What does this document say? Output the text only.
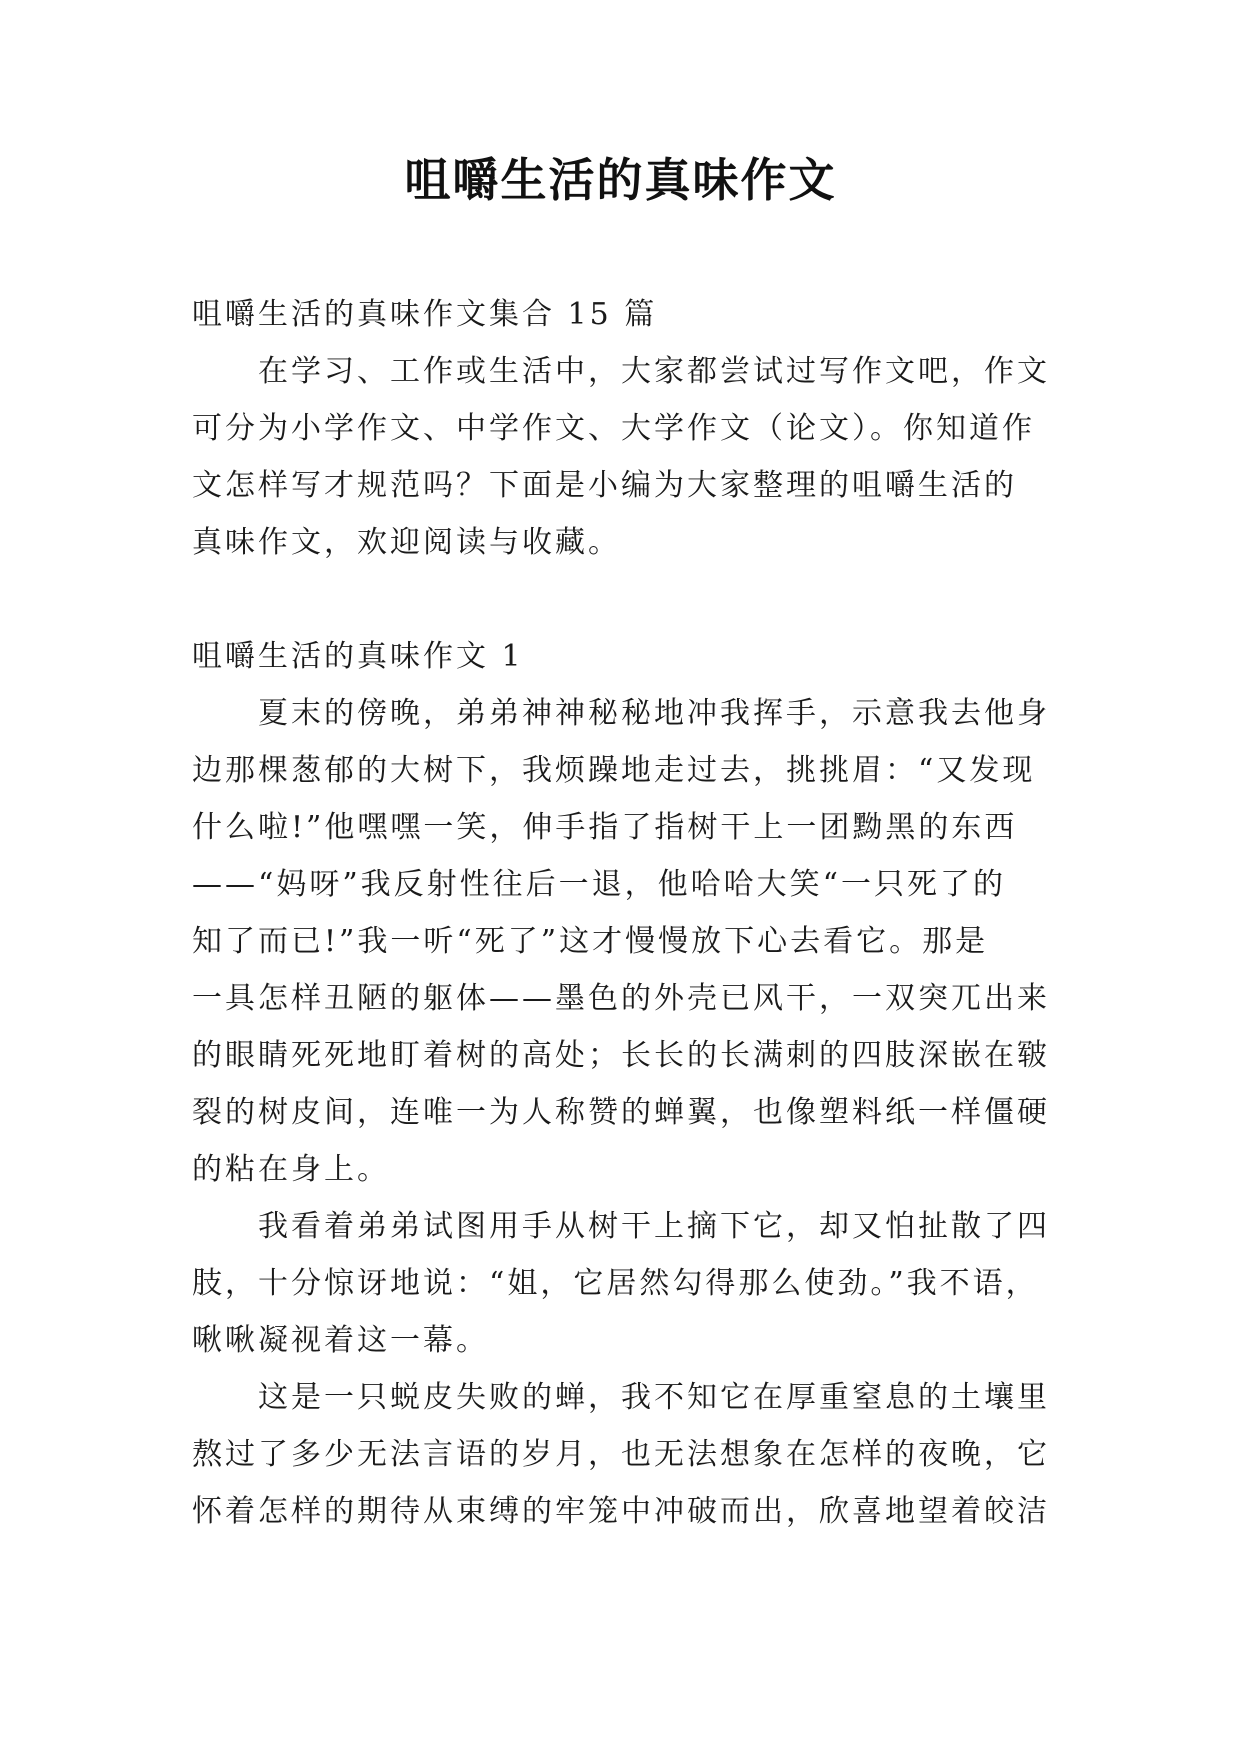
咀嚼生活的真味作文
咀嚼生活的真味作文集合 15 篇
在学习、工作或生活中，大家都尝试过写作文吧，作文
可分为小学作文、中学作文、大学作文（论文）。你知道作
文怎样写才规范吗？下面是小编为大家整理的咀嚼生活的
真味作文，欢迎阅读与收藏。
咀嚼生活的真味作文 1
夏末的傍晚，弟弟神神秘秘地冲我挥手，示意我去他身
边那棵葱郁的大树下，我烦躁地走过去，挑挑眉：“又发现
什么啦!”他嘿嘿一笑，伸手指了指树干上一团黝黑的东西
——“妈呀”我反射性往后一退，他哈哈大笑“一只死了的
知了而已!”我一听“死了”这才慢慢放下心去看它。那是
一具怎样丑陋的躯体——墨色的外壳已风干，一双突兀出来
的眼睛死死地盯着树的高处；长长的长满刺的四肢深嵌在皲
裂的树皮间，连唯一为人称赞的蝉翼，也像塑料纸一样僵硬
的粘在身上。
我看着弟弟试图用手从树干上摘下它，却又怕扯散了四
肢，十分惊讶地说：“姐，它居然勾得那么使劲。”我不语，
啾啾凝视着这一幕。
这是一只蜕皮失败的蝉，我不知它在厚重窒息的土壤里
熬过了多少无法言语的岁月，也无法想象在怎样的夜晚，它
怀着怎样的期待从束缚的牢笼中冲破而出，欣喜地望着皎洁
